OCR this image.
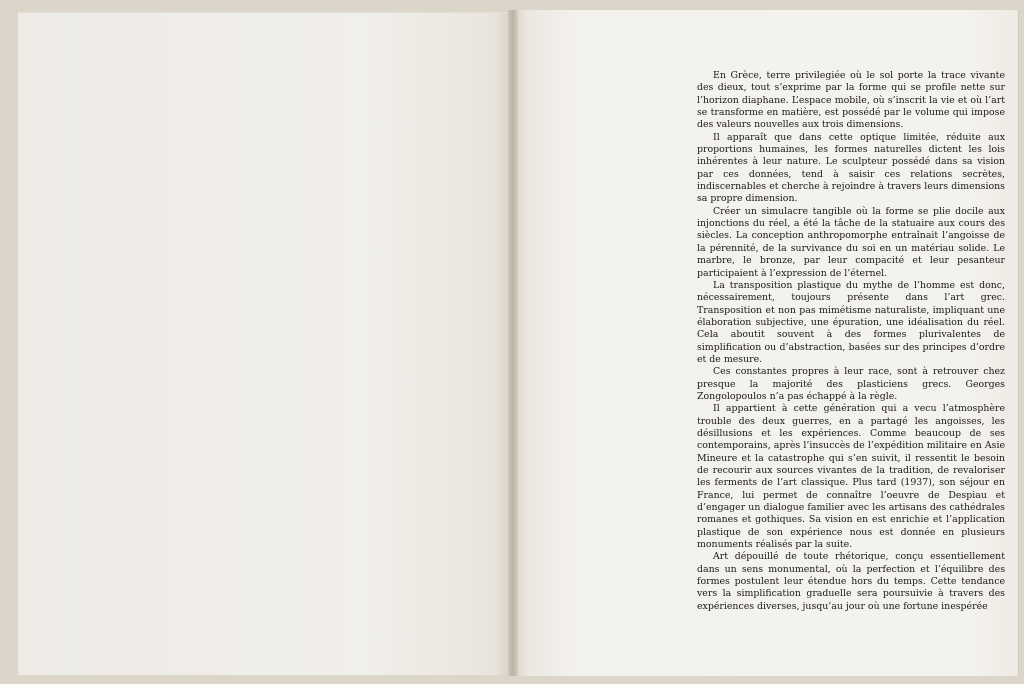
En Grèce, terre privilegiée où le sol porte la trace vivante des dieux, tout s’exprime par la forme qui se profile nette sur l’horizon diaphane. L’espace mobile, où s’inscrit la vie et où l’art se transforme en matière, est possédé par le volume qui impose des valeurs nouvelles aux trois dimensions.

Il apparaît que dans cette optique limitée, réduite aux proportions humaines, les formes naturelles dictent les lois inhérentes à leur nature. Le sculpteur possédé dans sa vision par ces données, tend à saisir ces relations secrètes, indiscernables et cherche à rejoindre à travers leurs dimensions sa propre dimension.

Créer un simulacre tangible où la forme se plie docile aux injonctions du réel, a été la tâche de la statuaire aux cours des siècles. La conception anthropomorphe entraînait l’angoisse de la pérennité, de la survivance du soi en un matériau solide. Le marbre, le bronze, par leur compacité et leur pesanteur participaient à l’expression de l’éternel.

La transposition plastique du mythe de l’homme est donc, nécessairement, toujours présente dans l’art grec. Transposition et non pas mimétisme naturaliste, impliquant une élaboration subjective, une épuration, une idéalisation du réel. Cela aboutit souvent à des formes plurivalentes de simplification ou d’abstraction, basées sur des principes d’ordre et de mesure.

Ces constantes propres à leur race, sont à retrouver chez presque la majorité des plasticiens grecs. Georges Zongolopoulos n’a pas échappé à la règle.

Il appartient à cette génération qui a vecu l’atmosphère trouble des deux guerres, en a partagé les angoisses, les désillusions et les expériences. Comme beaucoup de ses contemporains, après l’insuccès de l’expédition militaire en Asie Mineure et la catastrophe qui s’en suivit, il ressentit le besoin de recourir aux sources vivantes de la tradition, de revaloriser les ferments de l’art classique. Plus tard (1937), son séjour en France, lui permet de connaître l’oeuvre de Despiau et d’engager un dialogue familier avec les artisans des cathédrales romanes et gothiques. Sa vision en est enrichie et l’application plastique de son expérience nous est donnée en plusieurs monuments réalisés par la suite.

Art dépouillé de toute rhétorique, conçu essentiellement dans un sens monumental, où la perfection et l’équilibre des formes postulent leur étendue hors du temps. Cette tendance vers la simplification graduelle sera poursuivie à travers des expériences diverses, jusqu’au jour où une fortune inespérée
